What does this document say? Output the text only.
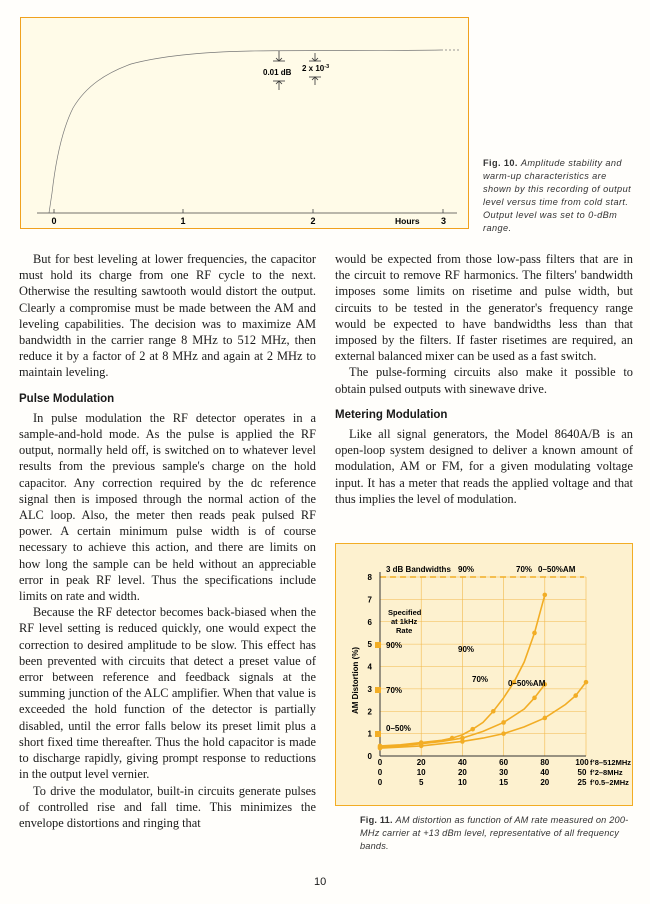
0	1	2	Hours 3
0.01 dB 2 x $10^{-3}$
Fig. 10. Amplitude stability and warm-up characteristics are shown by this recording of output level versus time from cold start. Output level was set to 0-dBm range.

But for best leveling at lower frequencies, the capacitor must hold its charge from one RF cycle to the next. Otherwise the resulting sawtooth would distort the output. Clearly a compromise must be made between the AM and leveling capabilities. The decision was to maximize AM bandwidth in the carrier range 8 MHz to 512 MHz, then reduce it by a factor of 2 at 8 MHz and again at 2 MHz to maintain leveling.

Pulse Modulation

In pulse modulation the RF detector operates in a sample-and-hold mode. As the pulse is applied the RF output, normally held off, is switched on to whatever level results from the previous sample's charge on the hold capacitor. Any correction required by the dc reference signal then is imposed through the normal action of the ALC loop. Also, the meter then reads peak pulsed RF power. A certain minimum pulse width is of course necessary to achieve this action, and there are limits on how long the sample can be held without an appreciable error in peak RF level. Thus the specifications include limits on rate and width.

Because the RF detector becomes back-biased when the RF level setting is reduced quickly, one would expect the correction to desired amplitude to be slow. This effect has been prevented with circuits that detect a preset value of error between reference and feedback signals at the summing junction of the ALC amplifier. When that value is exceeded the hold function of the detector is partially disabled, until the error falls below its preset limit plus a short fixed time thereafter. Thus the hold capacitor is made to discharge rapidly, giving prompt response to reductions in the output level vernier.

To drive the modulator, built-in circuits generate pulses of controlled rise and fall time. This minimizes the envelope distortions and ringing that

would be expected from those low-pass filters that are in the circuit to remove RF harmonics. The filters' bandwidth imposes some limits on risetime and pulse width, but circuits to be tested in the generator's frequency range would be expected to have bandwidths less than that imposed by the filters. If faster risetimes are required, an external balanced mixer can be used as a fast switch.

The pulse-forming circuits also make it possible to obtain pulsed outputs with sinewave drive.

Metering Modulation

Like all signal generators, the Model 8640A/B is an open-loop system designed to deliver a known amount of modulation, AM or FM, for a given modulating voltage input. It has a meter that reads the applied voltage and that thus implies the level of modulation.

0
1
2
3
4
5
6
7
8
0	20	40	60	80	100 f’8–512MHz
0	10	20	30	40	50 f’2–8MHz
0	5	10	15	20	25 f’0.5–2MHz
3 dB Bandwidths 90%	70% 0–50%AM
Specified
at 1kHz
Rate
90%
70%
0–50%
90%
70% 0–50%AM
AM Distortion (%)
Fig. 11. AM distortion as function of AM rate measured on 200-MHz carrier at +13 dBm level, representative of all frequency bands.
10
